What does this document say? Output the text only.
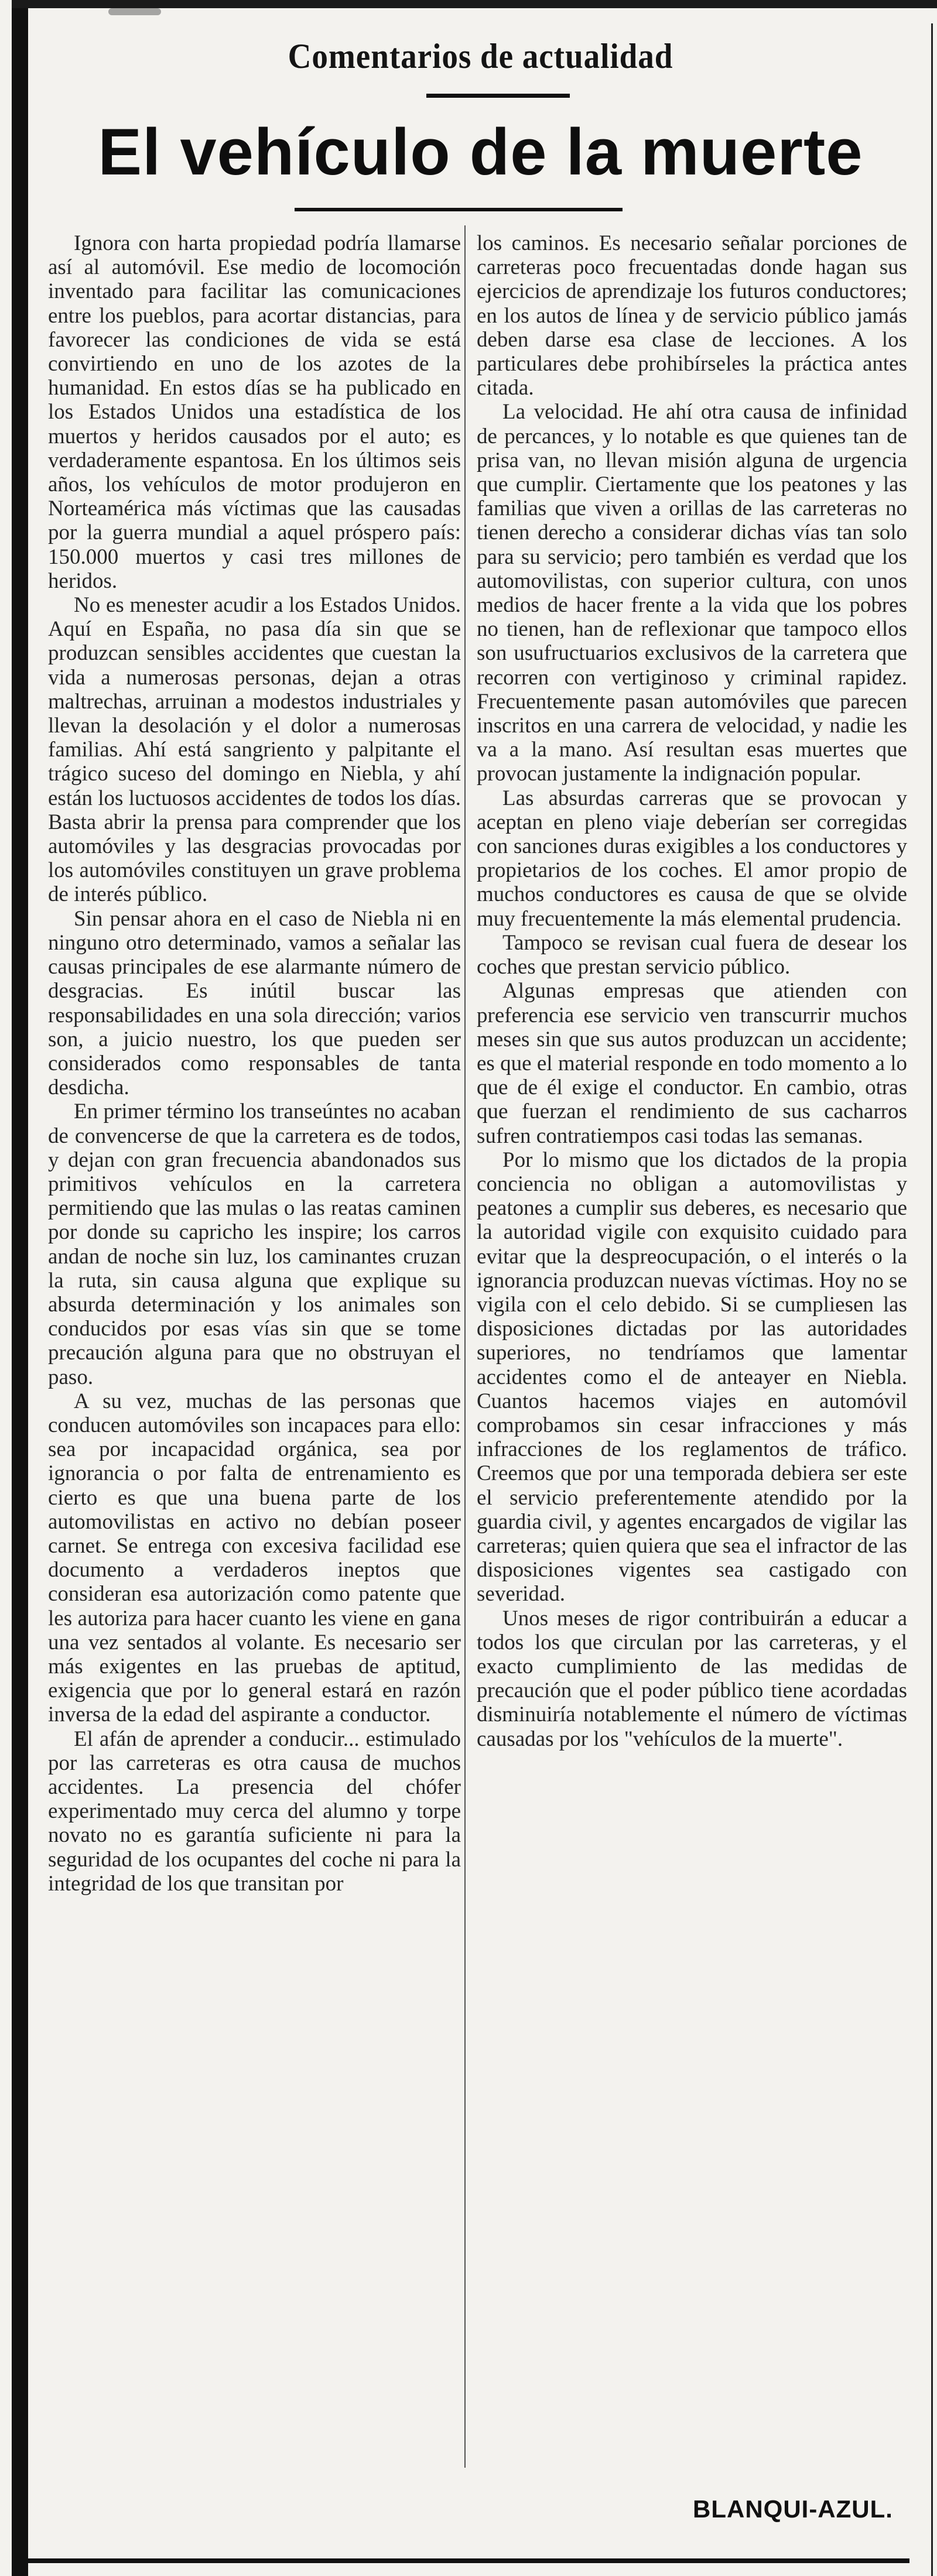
Comentarios de actualidad
El vehículo de la muerte

Ignora con harta propiedad podría llamarse así al automóvil. Ese medio de locomoción inventado para facilitar las comunicaciones entre los pueblos, para acortar distancias, para favorecer las condiciones de vida se está convirtiendo en uno de los azotes de la humanidad. En estos días se ha publicado en los Estados Unidos una estadística de los muertos y heridos causados por el auto; es verdaderamente espantosa. En los últimos seis años, los vehículos de motor produjeron en Norteamérica más víctimas que las causadas por la guerra mundial a aquel próspero país: 150.000 muertos y casi tres millones de heridos.

No es menester acudir a los Estados Unidos. Aquí en España, no pasa día sin que se produzcan sensibles accidentes que cuestan la vida a numerosas personas, dejan a otras maltrechas, arruinan a modestos industriales y llevan la desolación y el dolor a numerosas familias. Ahí está sangriento y palpitante el trágico suceso del domingo en Niebla, y ahí están los luctuosos accidentes de todos los días. Basta abrir la prensa para comprender que los automóviles y las desgracias provocadas por los automóviles constituyen un grave problema de interés público.

Sin pensar ahora en el caso de Niebla ni en ninguno otro determinado, vamos a señalar las causas principales de ese alarmante número de desgracias. Es inútil buscar las responsabilidades en una sola dirección; varios son, a juicio nuestro, los que pueden ser considerados como responsables de tanta desdicha.

En primer término los transeúntes no acaban de convencerse de que la carretera es de todos, y dejan con gran frecuencia abandonados sus primitivos vehículos en la carretera permitiendo que las mulas o las reatas caminen por donde su capricho les inspire; los carros andan de noche sin luz, los caminantes cruzan la ruta, sin causa alguna que explique su absurda determinación y los animales son conducidos por esas vías sin que se tome precaución alguna para que no obstruyan el paso.

A su vez, muchas de las personas que conducen automóviles son incapaces para ello: sea por incapacidad orgánica, sea por ignorancia o por falta de entrenamiento es cierto es que una buena parte de los automovilistas en activo no debían poseer carnet. Se entrega con excesiva facilidad ese documento a verdaderos ineptos que consideran esa autorización como patente que les autoriza para hacer cuanto les viene en gana una vez sentados al volante. Es necesario ser más exigentes en las pruebas de aptitud, exigencia que por lo general estará en razón inversa de la edad del aspirante a conductor.

El afán de aprender a conducir... estimulado por las carreteras es otra causa de muchos accidentes. La presencia del chófer experimentado muy cerca del alumno y torpe novato no es garantía suficiente ni para la seguridad de los ocupantes del coche ni para la integridad de los que transitan por

los caminos. Es necesario señalar porciones de carreteras poco frecuentadas donde hagan sus ejercicios de aprendizaje los futuros conductores; en los autos de línea y de servicio público jamás deben darse esa clase de lecciones. A los particulares debe prohibírseles la práctica antes citada.

La velocidad. He ahí otra causa de infinidad de percances, y lo notable es que quienes tan de prisa van, no llevan misión alguna de urgencia que cumplir. Ciertamente que los peatones y las familias que viven a orillas de las carreteras no tienen derecho a considerar dichas vías tan solo para su servicio; pero también es verdad que los automovilistas, con superior cultura, con unos medios de hacer frente a la vida que los pobres no tienen, han de reflexionar que tampoco ellos son usufructuarios exclusivos de la carretera que recorren con vertiginoso y criminal rapidez. Frecuentemente pasan automóviles que parecen inscritos en una carrera de velocidad, y nadie les va a la mano. Así resultan esas muertes que provocan justamente la indignación popular.

Las absurdas carreras que se provocan y aceptan en pleno viaje deberían ser corregidas con sanciones duras exigibles a los conductores y propietarios de los coches. El amor propio de muchos conductores es causa de que se olvide muy frecuentemente la más elemental prudencia.

Tampoco se revisan cual fuera de desear los coches que prestan servicio público.

Algunas empresas que atienden con preferencia ese servicio ven transcurrir muchos meses sin que sus autos produzcan un accidente; es que el material responde en todo momento a lo que de él exige el conductor. En cambio, otras que fuerzan el rendimiento de sus cacharros sufren contratiempos casi todas las semanas.

Por lo mismo que los dictados de la propia conciencia no obligan a automovilistas y peatones a cumplir sus deberes, es necesario que la autoridad vigile con exquisito cuidado para evitar que la despreocupación, o el interés o la ignorancia produzcan nuevas víctimas. Hoy no se vigila con el celo debido. Si se cumpliesen las disposiciones dictadas por las autoridades superiores, no tendríamos que lamentar accidentes como el de anteayer en Niebla. Cuantos hacemos viajes en automóvil comprobamos sin cesar infracciones y más infracciones de los reglamentos de tráfico. Creemos que por una temporada debiera ser este el servicio preferentemente atendido por la guardia civil, y agentes encargados de vigilar las carreteras; quien quiera que sea el infractor de las disposiciones vigentes sea castigado con severidad.

Unos meses de rigor contribuirán a educar a todos los que circulan por las carreteras, y el exacto cumplimiento de las medidas de precaución que el poder público tiene acordadas disminuiría notablemente el número de víctimas causadas por los "vehículos de la muerte".

BLANQUI-AZUL.
